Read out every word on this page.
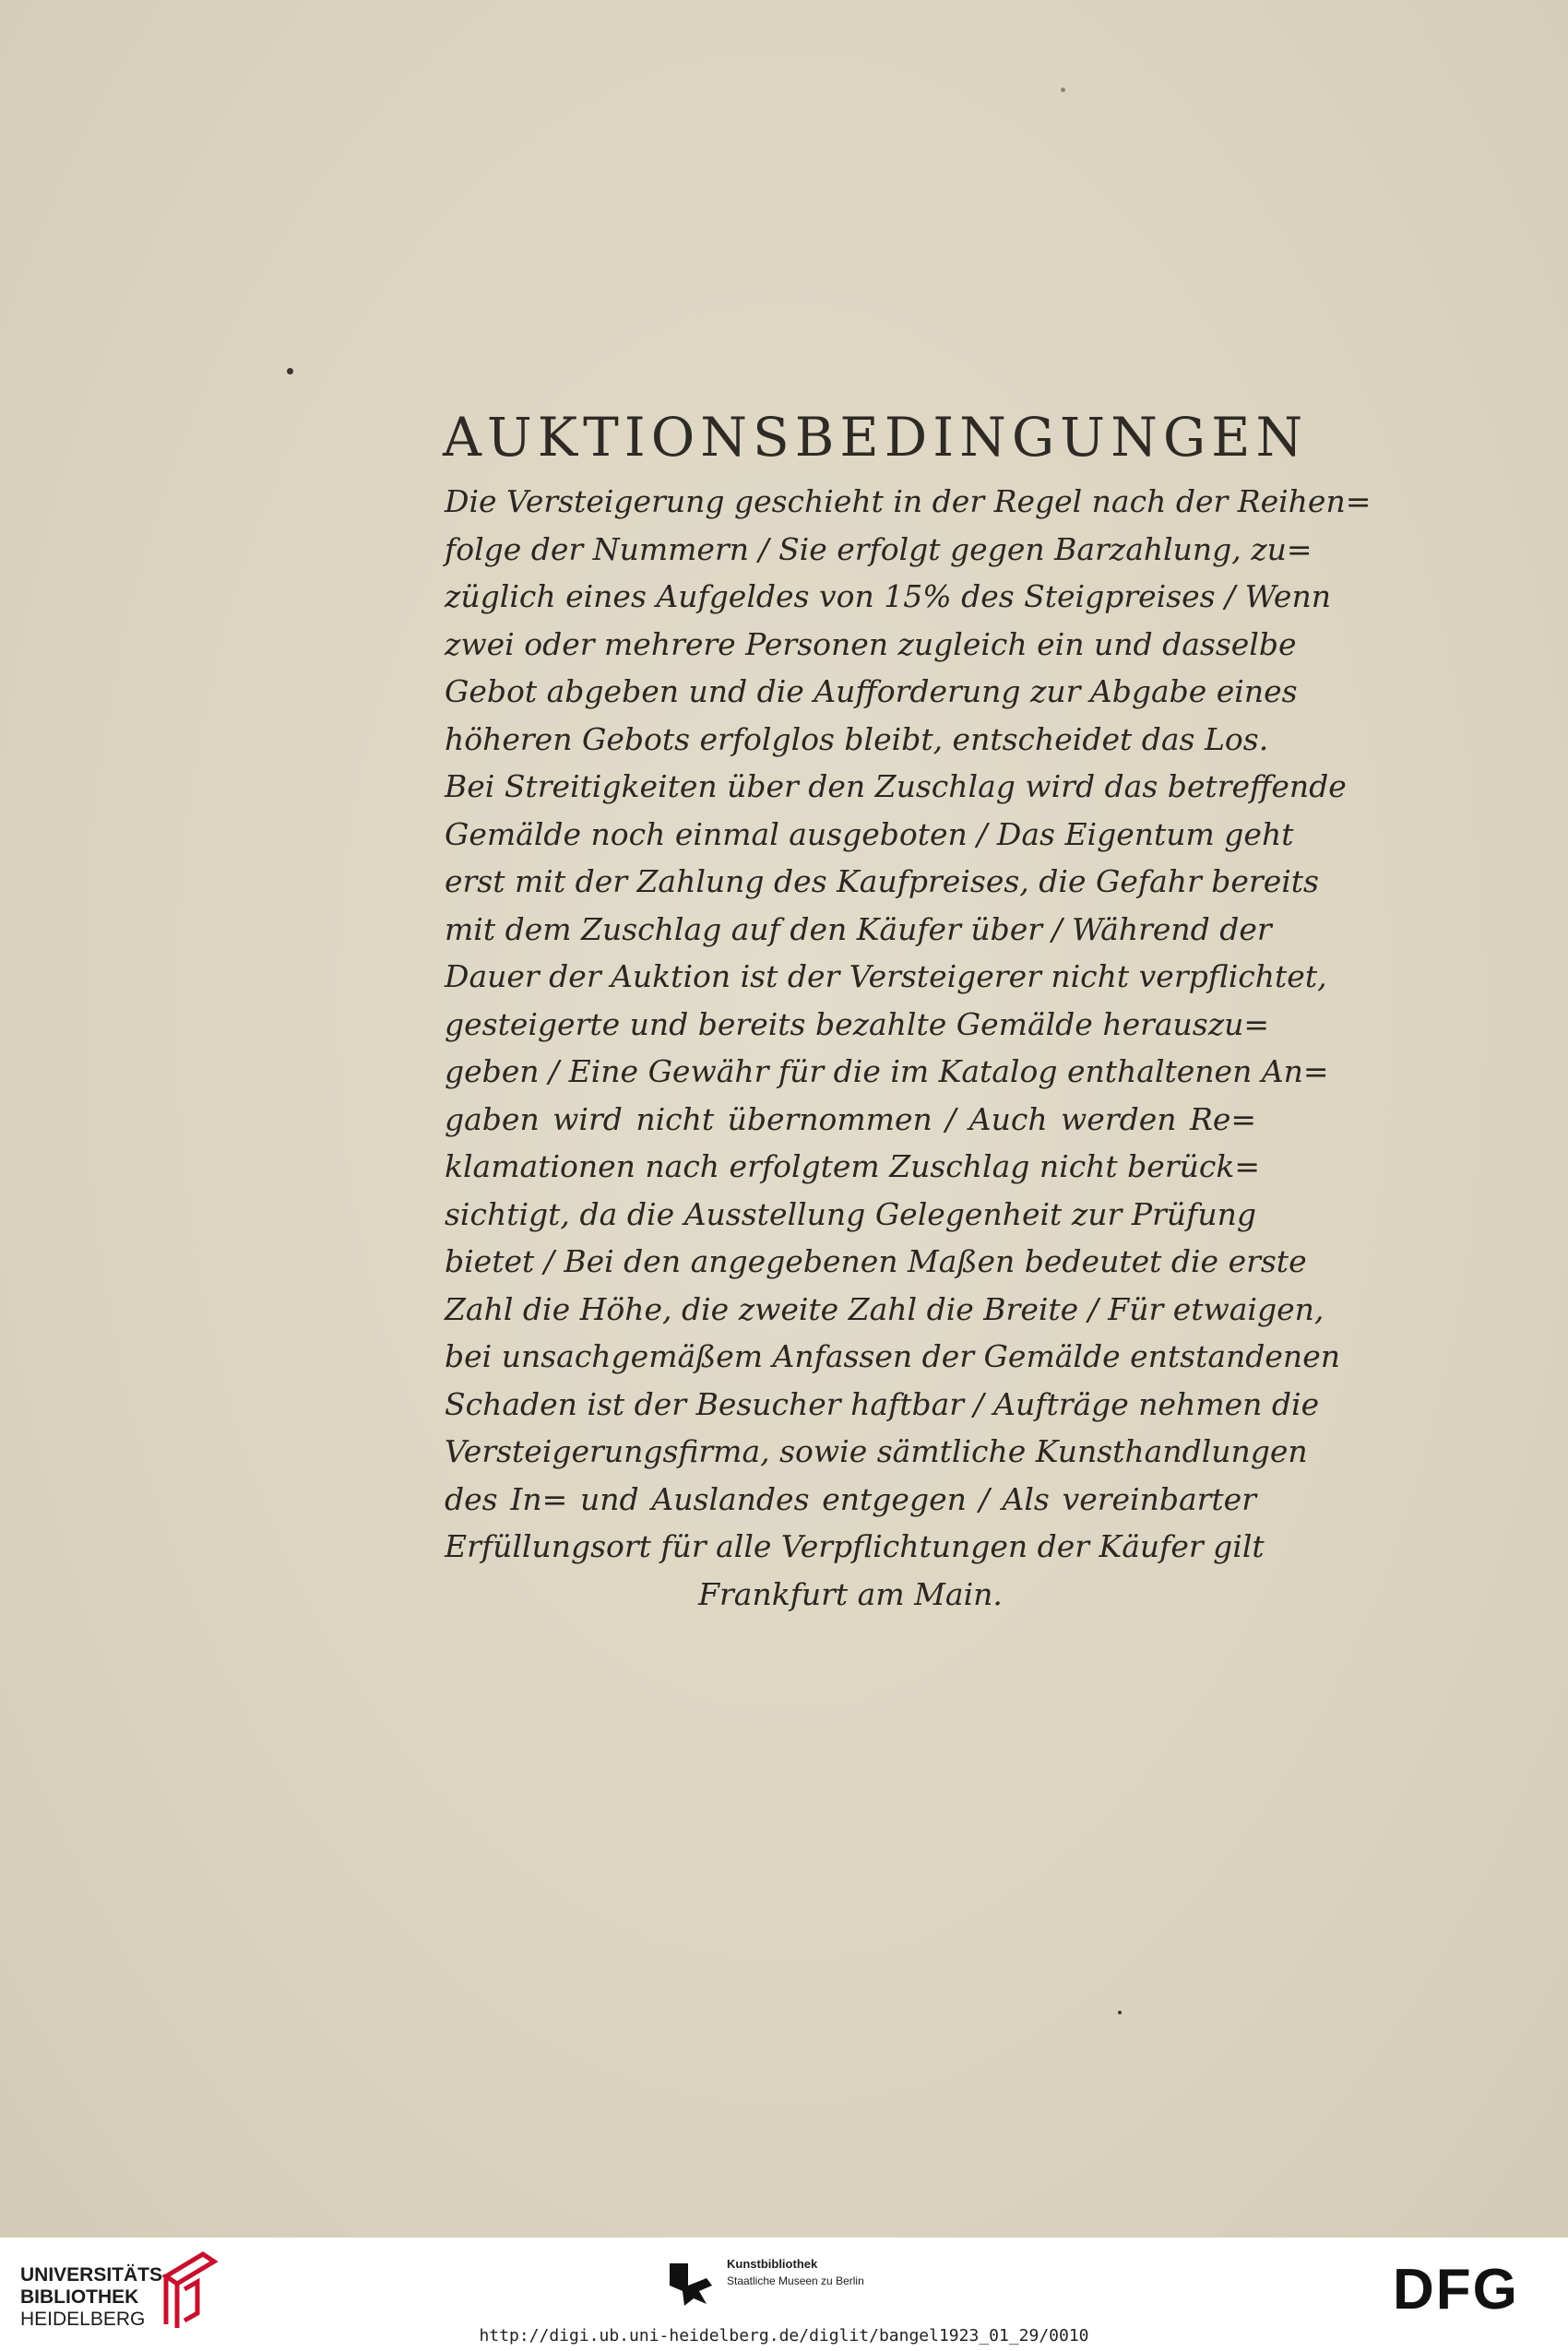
AUKTIONSBEDINGUNGEN
Die Versteigerung geschieht in der Regel nach der Reihen=
folge der Nummern / Sie erfolgt gegen Barzahlung, zu=
züglich eines Aufgeldes von 15% des Steigpreises / Wenn
zwei oder mehrere Personen zugleich ein und dasselbe
Gebot abgeben und die Aufforderung zur Abgabe eines
höheren Gebots erfolglos bleibt, entscheidet das Los.
Bei Streitigkeiten über den Zuschlag wird das betreffende
Gemälde noch einmal ausgeboten / Das Eigentum geht
erst mit der Zahlung des Kaufpreises, die Gefahr bereits
mit dem Zuschlag auf den Käufer über / Während der
Dauer der Auktion ist der Versteigerer nicht verpflichtet,
gesteigerte und bereits bezahlte Gemälde herauszu=
geben / Eine Gewähr für die im Katalog enthaltenen An=
gaben wird nicht übernommen / Auch werden Re=
klamationen nach erfolgtem Zuschlag nicht berück=
sichtigt, da die Ausstellung Gelegenheit zur Prüfung
bietet / Bei den angegebenen Maßen bedeutet die erste
Zahl die Höhe, die zweite Zahl die Breite / Für etwaigen,
bei unsachgemäßem Anfassen der Gemälde entstandenen
Schaden ist der Besucher haftbar / Aufträge nehmen die
Versteigerungsfirma, sowie sämtliche Kunsthandlungen
des In= und Auslandes entgegen / Als vereinbarter
Erfüllungsort für alle Verpflichtungen der Käufer gilt
Frankfurt am Main.
UNIVERSITÄTS-
BIBLIOTHEK
HEIDELBERG
Kunstbibliothek
Staatliche Museen zu Berlin	DFG
http://digi.ub.uni-heidelberg.de/diglit/bangel1923_01_29/0010
